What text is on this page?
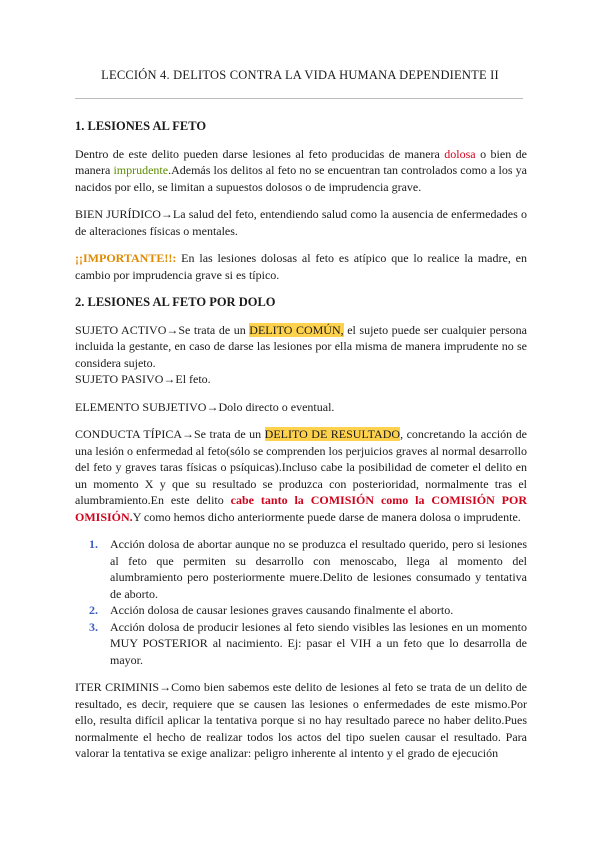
LECCIÓN 4. DELITOS CONTRA LA VIDA HUMANA DEPENDIENTE II
1. LESIONES AL FETO

Dentro de este delito pueden darse lesiones al feto producidas de manera dolosa o bien de manera imprudente.Además los delitos al feto no se encuentran tan controlados como a los ya nacidos por ello, se limitan a supuestos dolosos o de imprudencia grave.

BIEN JURÍDICO→La salud del feto, entendiendo salud como la ausencia de enfermedades o de alteraciones físicas o mentales.

¡¡IMPORTANTE!!: En las lesiones dolosas al feto es atípico que lo realice la madre, en cambio por imprudencia grave si es típico.

2. LESIONES AL FETO POR DOLO

SUJETO ACTIVO→Se trata de un DELITO COMÚN, el sujeto puede ser cualquier persona incluida la gestante, en caso de darse las lesiones por ella misma de manera imprudente no se considera sujeto.

SUJETO PASIVO→El feto.

ELEMENTO SUBJETIVO→Dolo directo o eventual.

CONDUCTA TÍPICA→Se trata de un DELITO DE RESULTADO, concretando la acción de una lesión o enfermedad al feto(sólo se comprenden los perjuicios graves al normal desarrollo del feto y graves taras físicas o psíquicas).Incluso cabe la posibilidad de cometer el delito en un momento X y que su resultado se produzca con posterioridad, normalmente tras el alumbramiento.En este delito cabe tanto la COMISIÓN como la COMISIÓN POR OMISIÓN.Y como hemos dicho anteriormente puede darse de manera dolosa o imprudente.

1. Acción dolosa de abortar aunque no se produzca el resultado querido, pero si lesiones al feto que permiten su desarrollo con menoscabo, llega al momento del alumbramiento pero posteriormente muere.Delito de lesiones consumado y tentativa de aborto.
2. Acción dolosa de causar lesiones graves causando finalmente el aborto.
3. Acción dolosa de producir lesiones al feto siendo visibles las lesiones en un momento MUY POSTERIOR al nacimiento. Ej: pasar el VIH a un feto que lo desarrolla de mayor.

ITER CRIMINIS→Como bien sabemos este delito de lesiones al feto se trata de un delito de resultado, es decir, requiere que se causen las lesiones o enfermedades de este mismo.Por ello, resulta difícil aplicar la tentativa porque si no hay resultado parece no haber delito.Pues normalmente el hecho de realizar todos los actos del tipo suelen causar el resultado. Para valorar la tentativa se exige analizar: peligro inherente al intento y el grado de ejecución
